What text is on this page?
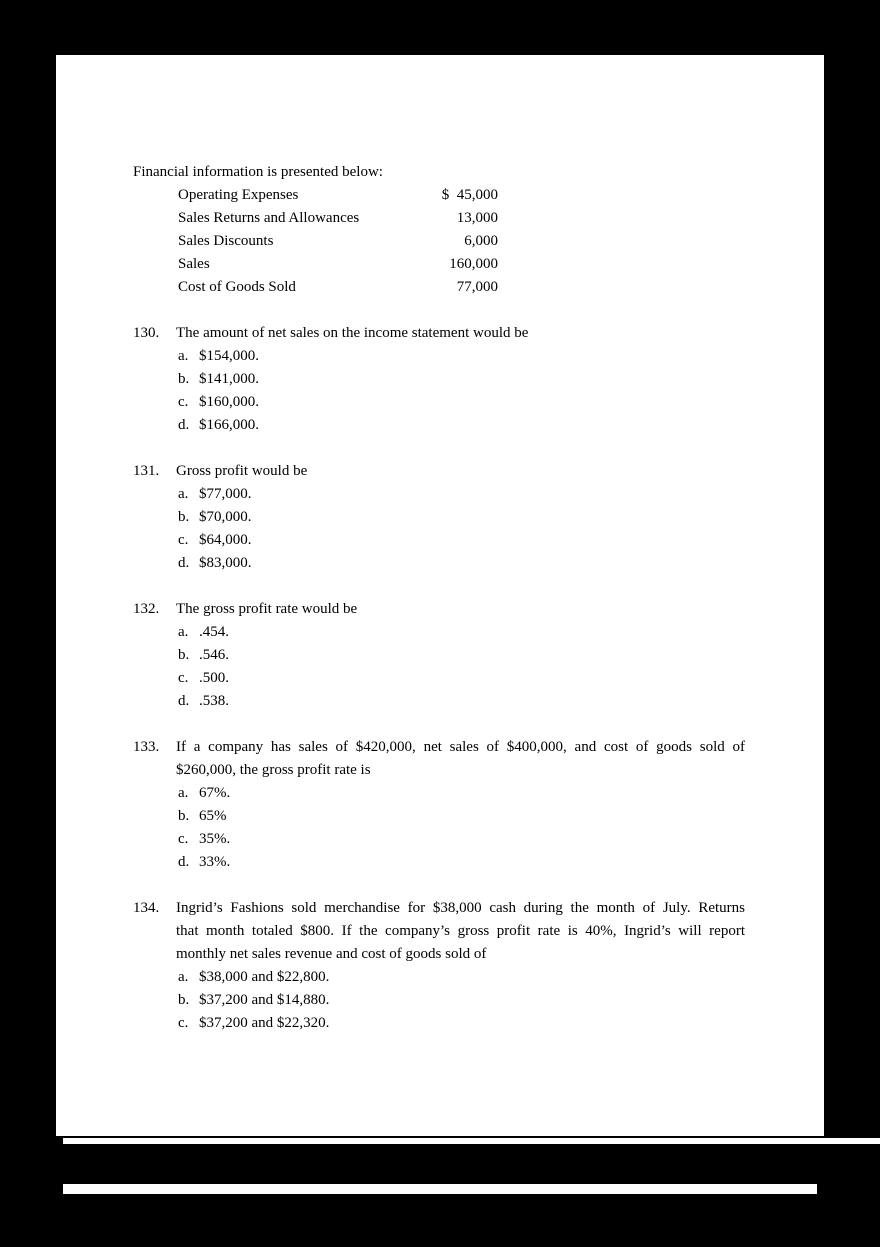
Financial information is presented below:
Operating Expenses	$  45,000
Sales Returns and Allowances	13,000
Sales Discounts	6,000
Sales	160,000
Cost of Goods Sold	77,000
130. The amount of net sales on the income statement would be
a. $154,000.
b. $141,000.
c. $160,000.
d. $166,000.
131. Gross profit would be
a. $77,000.
b. $70,000.
c. $64,000.
d. $83,000.
132. The gross profit rate would be
a. .454.
b. .546.
c. .500.
d. .538.
133. If a company has sales of $420,000, net sales of $400,000, and cost of goods sold of
$260,000, the gross profit rate is
a. 67%.
b. 65%
c. 35%.
d. 33%.
134. Ingrid’s Fashions sold merchandise for $38,000 cash during the month of July. Returns
that month totaled $800. If the company’s gross profit rate is 40%, Ingrid’s will report
monthly net sales revenue and cost of goods sold of
a. $38,000 and $22,800.
b. $37,200 and $14,880.
c. $37,200 and $22,320.
